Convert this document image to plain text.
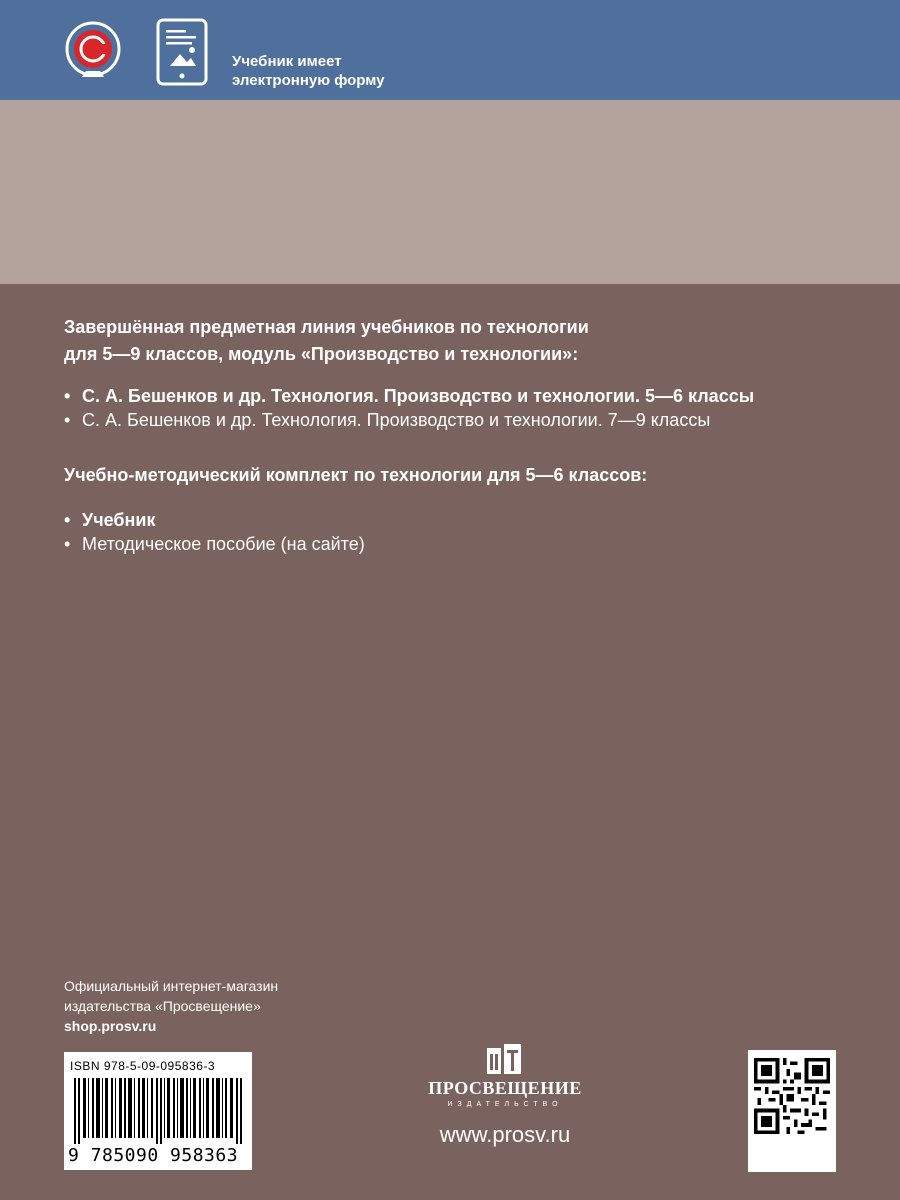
Учебник имеет
электронную форму

Завершённая предметная линия учебников по технологии
для 5—9 классов, модуль «Производство и технологии»:

• С. А. Бешенков и др. Технология. Производство и технологии. 5—6 классы
• С. А. Бешенков и др. Технология. Производство и технологии. 7—9 классы

Учебно-методический комплект по технологии для 5—6 классов:

• Учебник
• Методическое пособие (на сайте)

Официальный интернет-магазин
издательства «Просвещение»
shop.prosv.ru

ISBN 978-5-09-095836-3

9 785090 958363

ПРОСВЕЩЕНИЕ

ИЗДАТЕЛЬСТВО

www.prosv.ru
